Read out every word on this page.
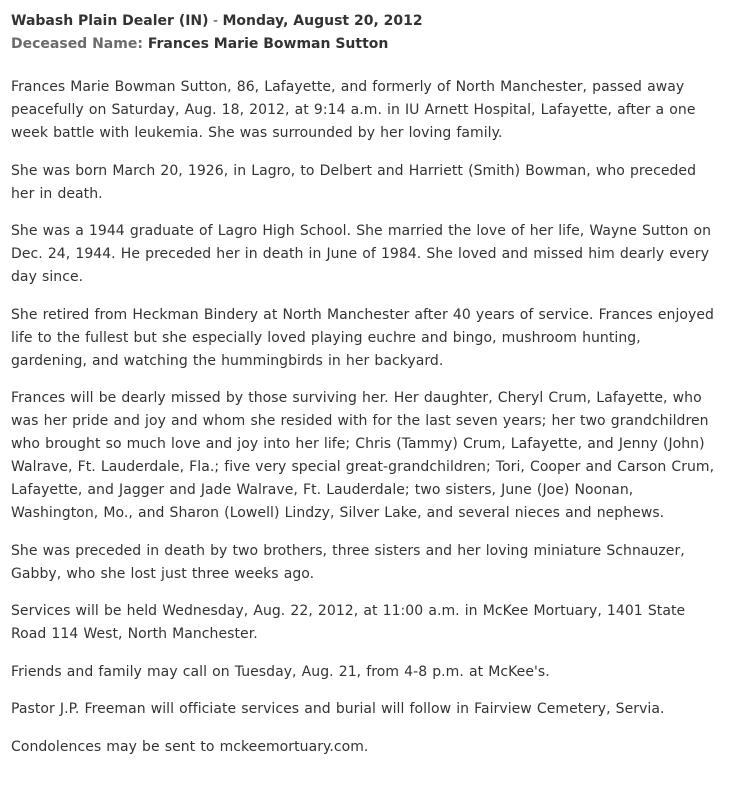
Wabash Plain Dealer (IN) - Monday, August 20, 2012
Deceased Name: Frances Marie Bowman Sutton

Frances Marie Bowman Sutton, 86, Lafayette, and formerly of North Manchester, passed away peacefully on Saturday, Aug. 18, 2012, at 9:14 a.m. in IU Arnett Hospital, Lafayette, after a one week battle with leukemia. She was surrounded by her loving family.

She was born March 20, 1926, in Lagro, to Delbert and Harriett (Smith) Bowman, who preceded her in death.

She was a 1944 graduate of Lagro High School. She married the love of her life, Wayne Sutton on Dec. 24, 1944. He preceded her in death in June of 1984. She loved and missed him dearly every day since.

She retired from Heckman Bindery at North Manchester after 40 years of service. Frances enjoyed life to the fullest but she especially loved playing euchre and bingo, mushroom hunting, gardening, and watching the hummingbirds in her backyard.

Frances will be dearly missed by those surviving her. Her daughter, Cheryl Crum, Lafayette, who was her pride and joy and whom she resided with for the last seven years; her two grandchildren who brought so much love and joy into her life; Chris (Tammy) Crum, Lafayette, and Jenny (John) Walrave, Ft. Lauderdale, Fla.; five very special great-grandchildren; Tori, Cooper and Carson Crum, Lafayette, and Jagger and Jade Walrave, Ft. Lauderdale; two sisters, June (Joe) Noonan, Washington, Mo., and Sharon (Lowell) Lindzy, Silver Lake, and several nieces and nephews.

She was preceded in death by two brothers, three sisters and her loving miniature Schnauzer, Gabby, who she lost just three weeks ago.

Services will be held Wednesday, Aug. 22, 2012, at 11:00 a.m. in McKee Mortuary, 1401 State Road 114 West, North Manchester.

Friends and family may call on Tuesday, Aug. 21, from 4-8 p.m. at McKee's.

Pastor J.P. Freeman will officiate services and burial will follow in Fairview Cemetery, Servia.

Condolences may be sent to mckeemortuary.com.
